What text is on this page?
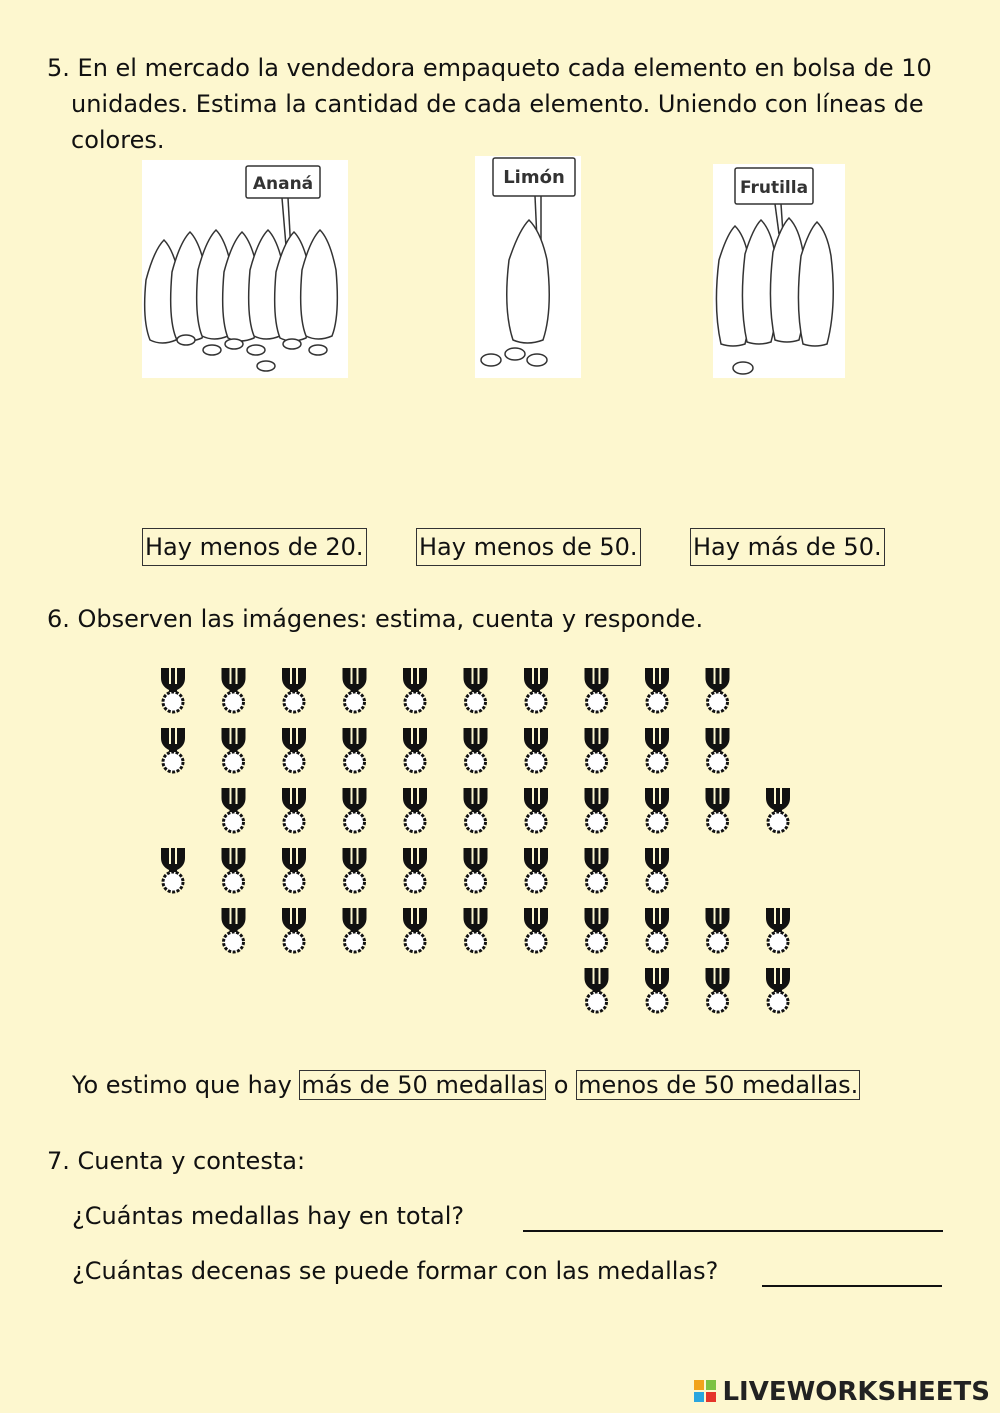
5. En el mercado la vendedora empaqueto cada elemento en bolsa de 10
unidades. Estima la cantidad de cada elemento. Uniendo con líneas de
colores.
Ananá	Limón	Frutilla
Hay menos de 20. Hay menos de 50. Hay más de 50.
6. Observen las imágenes: estima, cuenta y responde.
Yo estimo que hay más de 50 medallas o menos de 50 medallas.
7. Cuenta y contesta:
¿Cuántas medallas hay en total?
¿Cuántas decenas se puede formar con las medallas?
LIVEWORKSHEETS
